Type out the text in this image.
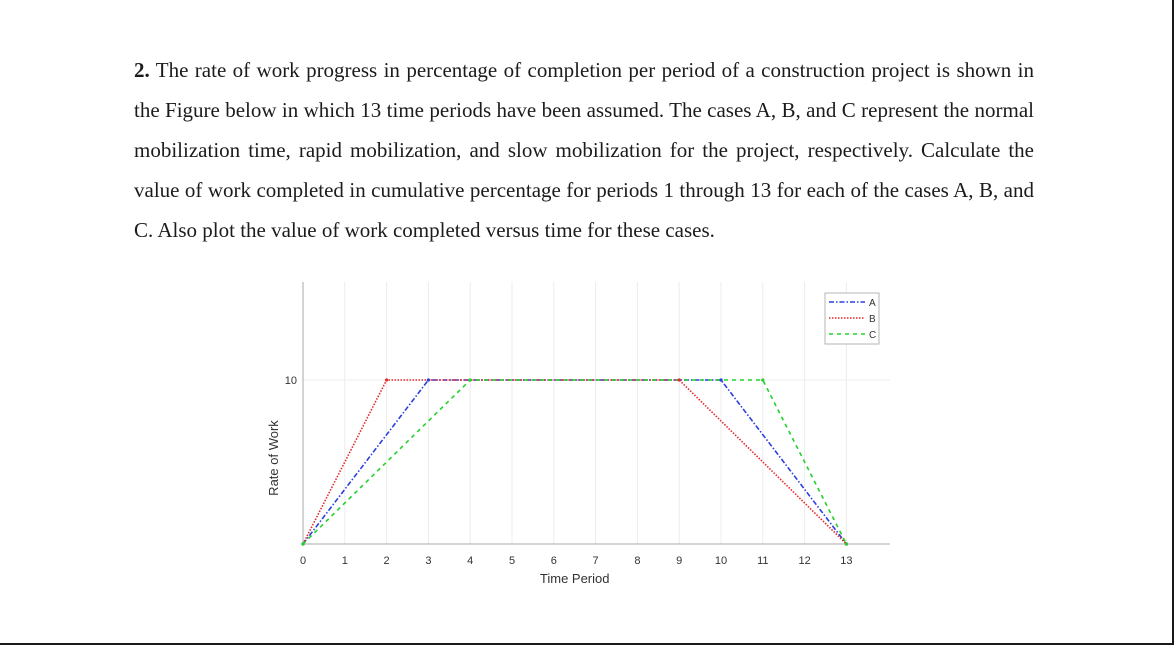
2. The rate of work progress in percentage of completion per period of a construction project is shown in the Figure below in which 13 time periods have been assumed. The cases A, B, and C represent the normal mobilization time, rapid mobilization, and slow mobilization for the project, respectively. Calculate the value of work completed in cumulative percentage for periods 1 through 13 for each of the cases A, B, and C. Also plot the value of work completed versus time for these cases.
0	1	2	3	4	5	6	7	8	9	10	11	12	13
10
Time Period
Rate of Work
A
B
C
